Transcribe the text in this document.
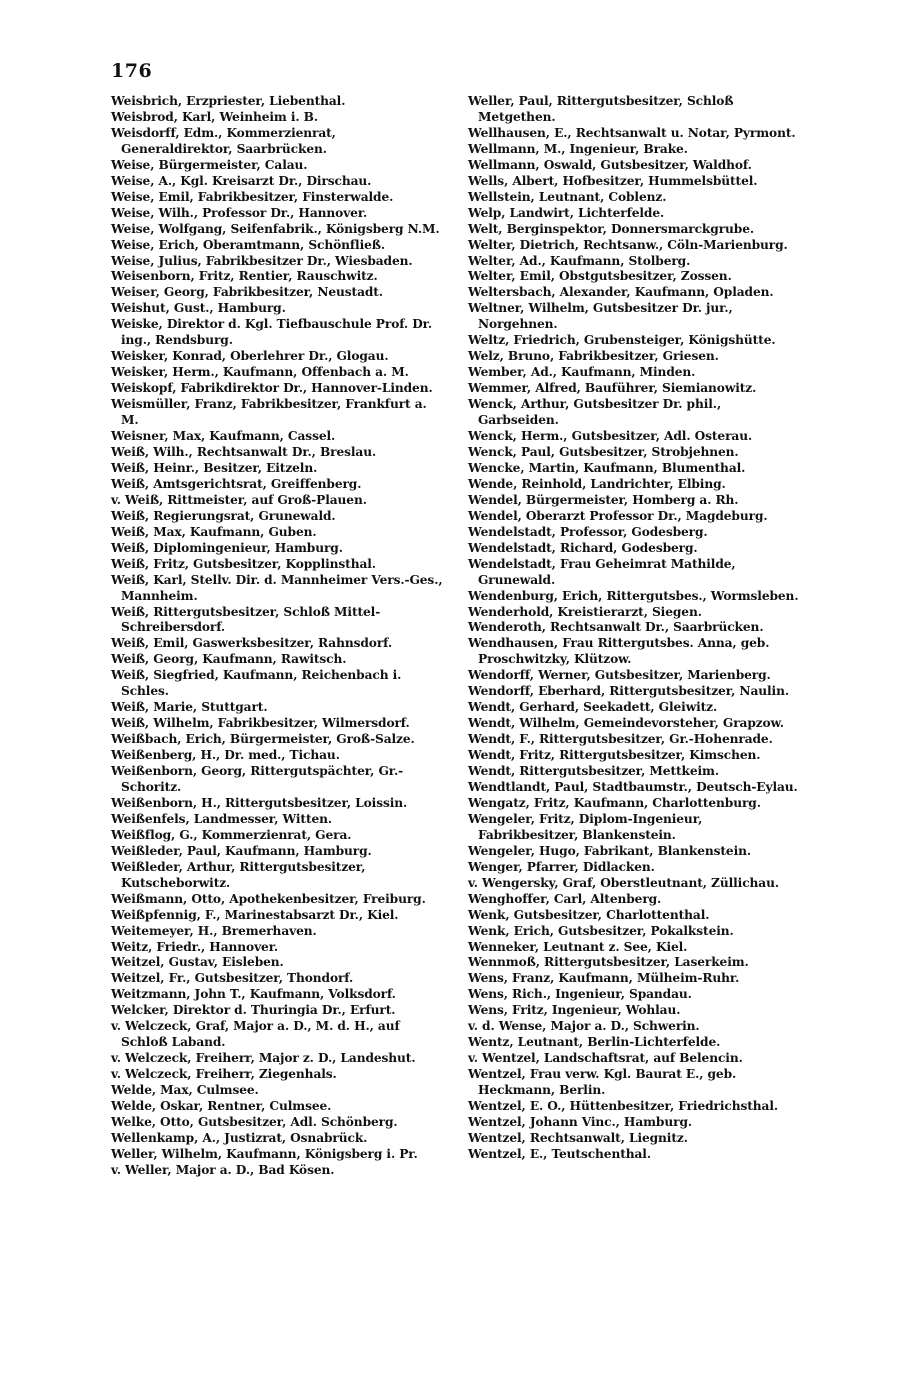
176
Weisbrich, Erzpriester, Liebenthal.
Weisbrod, Karl, Weinheim i. B.
Weisdorff, Edm., Kommerzienrat, Generaldirektor, Saarbrücken.
Weise, Bürgermeister, Calau.
Weise, A., Kgl. Kreisarzt Dr., Dirschau.
Weise, Emil, Fabrikbesitzer, Finsterwalde.
Weise, Wilh., Professor Dr., Hannover.
Weise, Wolfgang, Seifenfabrik., Königsberg N.M.
Weise, Erich, Oberamtmann, Schönfließ.
Weise, Julius, Fabrikbesitzer Dr., Wiesbaden.
Weisenborn, Fritz, Rentier, Rauschwitz.
Weiser, Georg, Fabrikbesitzer, Neustadt.
Weishut, Gust., Hamburg.
Weiske, Direktor d. Kgl. Tiefbauschule Prof. Dr. ing., Rendsburg.
Weisker, Konrad, Oberlehrer Dr., Glogau.
Weisker, Herm., Kaufmann, Offenbach a. M.
Weiskopf, Fabrikdirektor Dr., Hannover-Linden.
Weismüller, Franz, Fabrikbesitzer, Frankfurt a. M.
Weisner, Max, Kaufmann, Cassel.
Weiß, Wilh., Rechtsanwalt Dr., Breslau.
Weiß, Heinr., Besitzer, Eitzeln.
Weiß, Amtsgerichtsrat, Greiffenberg.
v. Weiß, Rittmeister, auf Groß-Plauen.
Weiß, Regierungsrat, Grunewald.
Weiß, Max, Kaufmann, Guben.
Weiß, Diplomingenieur, Hamburg.
Weiß, Fritz, Gutsbesitzer, Kopplinsthal.
Weiß, Karl, Stellv. Dir. d. Mannheimer Vers.-Ges., Mannheim.
Weiß, Rittergutsbesitzer, Schloß Mittel-Schreibersdorf.
Weiß, Emil, Gaswerksbesitzer, Rahnsdorf.
Weiß, Georg, Kaufmann, Rawitsch.
Weiß, Siegfried, Kaufmann, Reichenbach i. Schles.
Weiß, Marie, Stuttgart.
Weiß, Wilhelm, Fabrikbesitzer, Wilmersdorf.
Weißbach, Erich, Bürgermeister, Groß-Salze.
Weißenberg, H., Dr. med., Tichau.
Weißenborn, Georg, Rittergutspächter, Gr.-Schoritz.
Weißenborn, H., Rittergutsbesitzer, Loissin.
Weißenfels, Landmesser, Witten.
Weißflog, G., Kommerzienrat, Gera.
Weißleder, Paul, Kaufmann, Hamburg.
Weißleder, Arthur, Rittergutsbesitzer, Kutscheborwitz.
Weißmann, Otto, Apothekenbesitzer, Freiburg.
Weißpfennig, F., Marinestabsarzt Dr., Kiel.
Weitemeyer, H., Bremerhaven.
Weitz, Friedr., Hannover.
Weitzel, Gustav, Eisleben.
Weitzel, Fr., Gutsbesitzer, Thondorf.
Weitzmann, John T., Kaufmann, Volksdorf.
Welcker, Direktor d. Thuringia Dr., Erfurt.
v. Welczeck, Graf, Major a. D., M. d. H., auf Schloß Laband.
v. Welczeck, Freiherr, Major z. D., Landeshut.
v. Welczeck, Freiherr, Ziegenhals.
Welde, Max, Culmsee.
Welde, Oskar, Rentner, Culmsee.
Welke, Otto, Gutsbesitzer, Adl. Schönberg.
Wellenkamp, A., Justizrat, Osnabrück.
Weller, Wilhelm, Kaufmann, Königsberg i. Pr.
v. Weller, Major a. D., Bad Kösen.
Weller, Paul, Rittergutsbesitzer, Schloß Metgethen.
Wellhausen, E., Rechtsanwalt u. Notar, Pyrmont.
Wellmann, M., Ingenieur, Brake.
Wellmann, Oswald, Gutsbesitzer, Waldhof.
Wells, Albert, Hofbesitzer, Hummelsbüttel.
Wellstein, Leutnant, Coblenz.
Welp, Landwirt, Lichterfelde.
Welt, Berginspektor, Donnersmarckgrube.
Welter, Dietrich, Rechtsanw., Cöln-Marienburg.
Welter, Ad., Kaufmann, Stolberg.
Welter, Emil, Obstgutsbesitzer, Zossen.
Weltersbach, Alexander, Kaufmann, Opladen.
Weltner, Wilhelm, Gutsbesitzer Dr. jur., Norgehnen.
Weltz, Friedrich, Grubensteiger, Königshütte.
Welz, Bruno, Fabrikbesitzer, Griesen.
Wember, Ad., Kaufmann, Minden.
Wemmer, Alfred, Bauführer, Siemianowitz.
Wenck, Arthur, Gutsbesitzer Dr. phil., Garbseiden.
Wenck, Herm., Gutsbesitzer, Adl. Osterau.
Wenck, Paul, Gutsbesitzer, Strobjehnen.
Wencke, Martin, Kaufmann, Blumenthal.
Wende, Reinhold, Landrichter, Elbing.
Wendel, Bürgermeister, Homberg a. Rh.
Wendel, Oberarzt Professor Dr., Magdeburg.
Wendelstadt, Professor, Godesberg.
Wendelstadt, Richard, Godesberg.
Wendelstadt, Frau Geheimrat Mathilde, Grunewald.
Wendenburg, Erich, Rittergutsbes., Wormsleben.
Wenderhold, Kreistierarzt, Siegen.
Wenderoth, Rechtsanwalt Dr., Saarbrücken.
Wendhausen, Frau Rittergutsbes. Anna, geb. Proschwitzky, Klützow.
Wendorff, Werner, Gutsbesitzer, Marienberg.
Wendorff, Eberhard, Rittergutsbesitzer, Naulin.
Wendt, Gerhard, Seekadett, Gleiwitz.
Wendt, Wilhelm, Gemeindevorsteher, Grapzow.
Wendt, F., Rittergutsbesitzer, Gr.-Hohenrade.
Wendt, Fritz, Rittergutsbesitzer, Kimschen.
Wendt, Rittergutsbesitzer, Mettkeim.
Wendtlandt, Paul, Stadtbaumstr., Deutsch-Eylau.
Wengatz, Fritz, Kaufmann, Charlottenburg.
Wengeler, Fritz, Diplom-Ingenieur, Fabrikbesitzer, Blankenstein.
Wengeler, Hugo, Fabrikant, Blankenstein.
Wenger, Pfarrer, Didlacken.
v. Wengersky, Graf, Oberstleutnant, Züllichau.
Wenghoffer, Carl, Altenberg.
Wenk, Gutsbesitzer, Charlottenthal.
Wenk, Erich, Gutsbesitzer, Pokalkstein.
Wenneker, Leutnant z. See, Kiel.
Wennmoß, Rittergutsbesitzer, Laserkeim.
Wens, Franz, Kaufmann, Mülheim-Ruhr.
Wens, Rich., Ingenieur, Spandau.
Wens, Fritz, Ingenieur, Wohlau.
v. d. Wense, Major a. D., Schwerin.
Wentz, Leutnant, Berlin-Lichterfelde.
v. Wentzel, Landschaftsrat, auf Belencin.
Wentzel, Frau verw. Kgl. Baurat E., geb. Heckmann, Berlin.
Wentzel, E. O., Hüttenbesitzer, Friedrichsthal.
Wentzel, Johann Vinc., Hamburg.
Wentzel, Rechtsanwalt, Liegnitz.
Wentzel, E., Teutschenthal.
